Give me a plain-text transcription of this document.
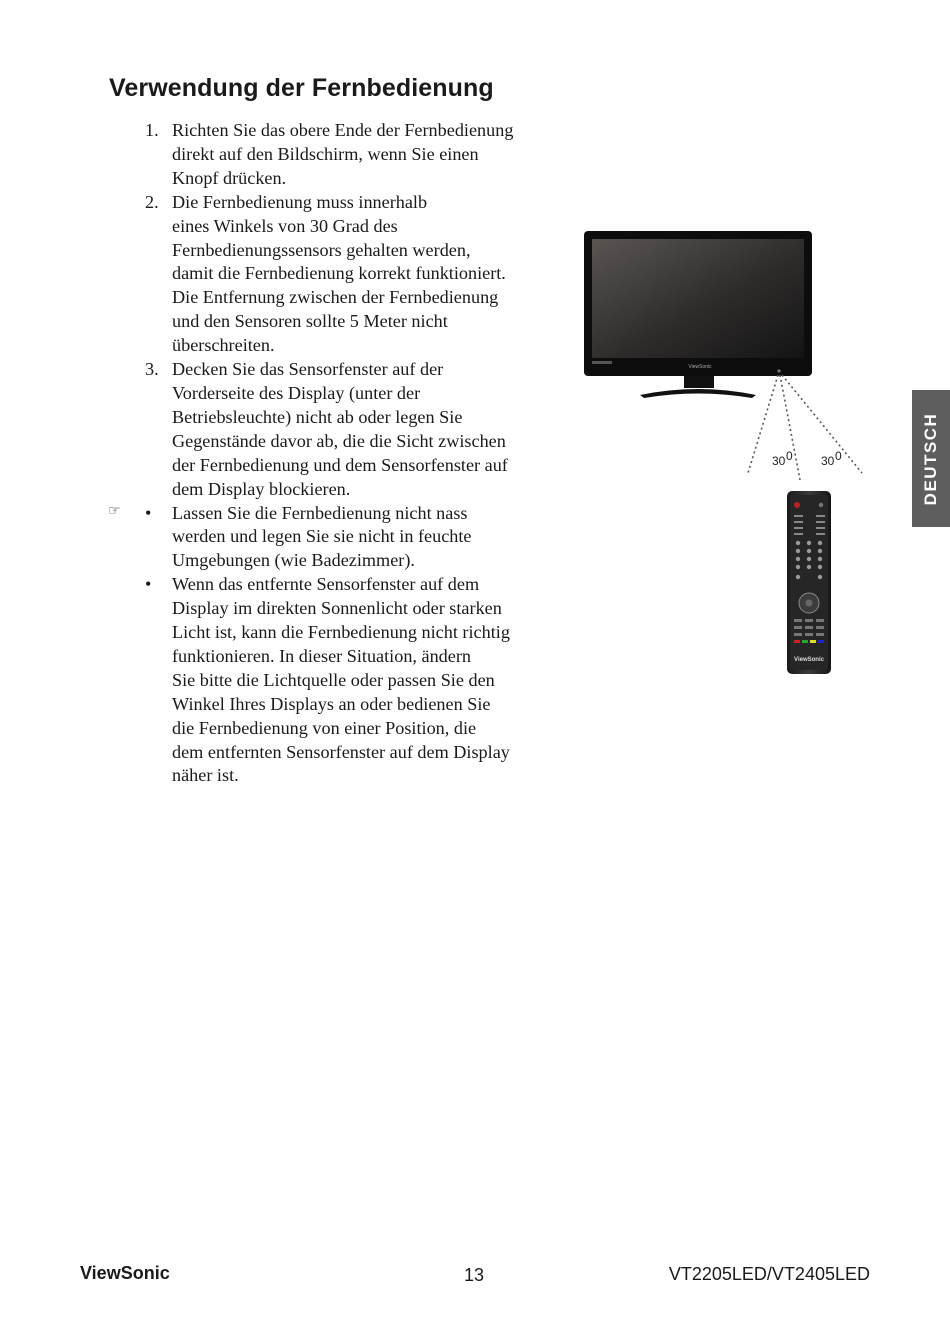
Verwendung der Fernbedienung
1. Richten Sie das obere Ende der Fernbedienung
direkt auf den Bildschirm, wenn Sie einen
Knopf drücken.
2. Die Fernbedienung muss innerhalb
eines Winkels von 30 Grad des
Fernbedienungssensors gehalten werden,
damit die Fernbedienung korrekt funktioniert.
Die Entfernung zwischen der Fernbedienung
und den Sensoren sollte 5 Meter nicht
überschreiten.
3. Decken Sie das Sensorfenster auf der
Vorderseite des Display (unter der
Betriebsleuchte) nicht ab oder legen Sie
Gegenstände davor ab, die die Sicht zwischen
der Fernbedienung und dem Sensorfenster auf
dem Display blockieren.
•	Lassen Sie die Fernbedienung nicht nass
werden und legen Sie sie nicht in feuchte
Umgebungen (wie Badezimmer).
•	Wenn das entfernte Sensorfenster auf dem
Display im direkten Sonnenlicht oder starken
Licht ist, kann die Fernbedienung nicht richtig
funktionieren. In dieser Situation, ändern
Sie bitte die Lichtquelle oder passen Sie den
Winkel Ihres Displays an oder bedienen Sie
die Fernbedienung von einer Position, die
dem entfernten Sensorfenster auf dem Display
näher ist.
☞
ViewSonic
30 0 30 0
ViewSonic
DEUTSCH
ViewSonic	13	VT2205LED/VT2405LED
